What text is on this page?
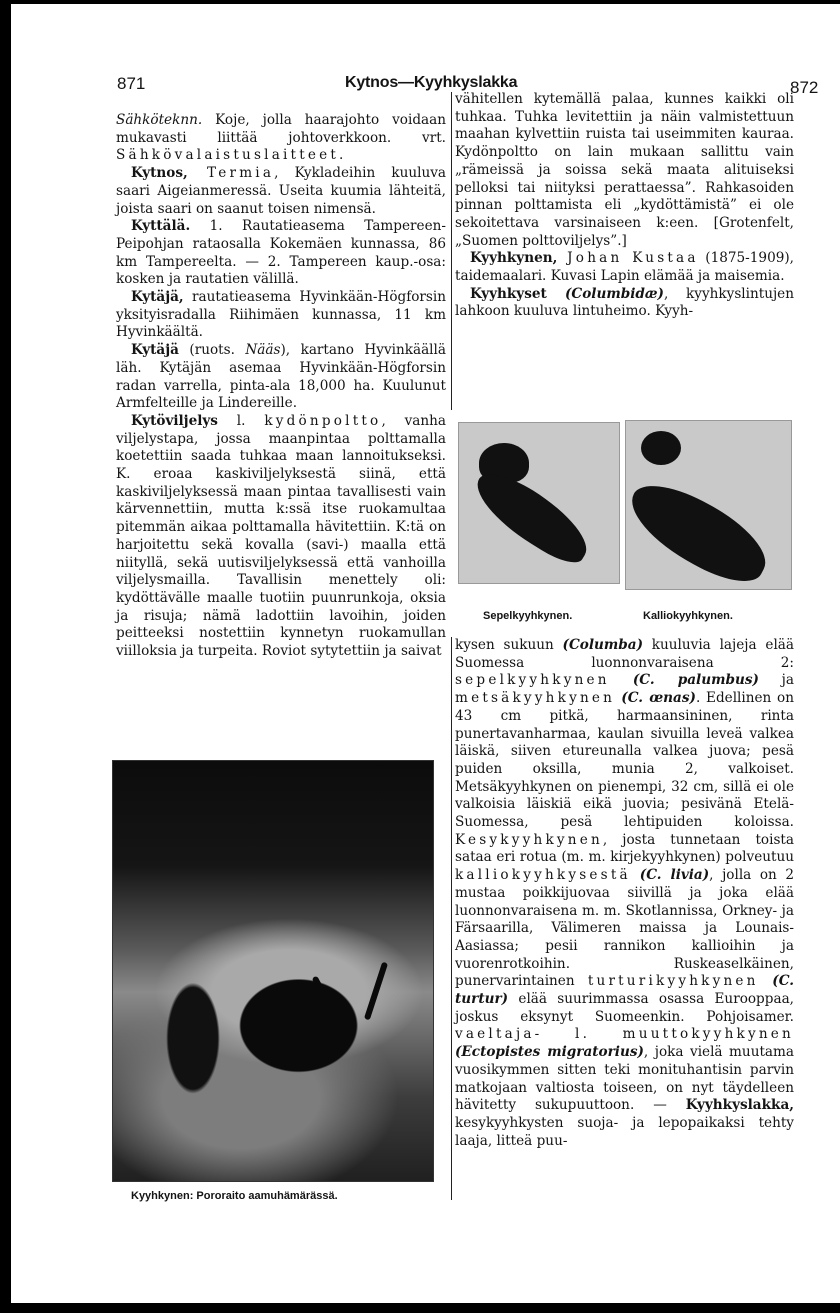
871	Kytnos—Kyyhkyslakka	872

Sähköteknn. Koje, jolla haarajohto voidaan mukavasti liittää johtoverkkoon. vrt. Sähkövalaistuslaitteet.

Kytnos, Termia, Kykladeihin kuuluva saari Aigeianmeressä. Useita kuumia lähteitä, joista saari on saanut toisen nimensä.

Kyttälä. 1. Rautatieasema Tampereen-Peipohjan rataosalla Kokemäen kunnassa, 86 km Tampereelta. — 2. Tampereen kaup.-osa: kosken ja rautatien välillä.

Kytäjä, rautatieasema Hyvinkään-Högforsin yksityisradalla Riihimäen kunnassa, 11 km Hyvinkäältä.

Kytäjä (ruots. Nääs), kartano Hyvinkäällä läh. Kytäjän asemaa Hyvinkään-Högforsin radan varrella, pinta-ala 18,000 ha. Kuulunut Armfelteille ja Lindereille.

Kytöviljelys l. kydönpoltto, vanha viljelystapa, jossa maanpintaa polttamalla koetettiin saada tuhkaa maan lannoitukseksi. K. eroaa kaskiviljelyksestä siinä, että kaskiviljelyksessä maan pintaa tavallisesti vain kärvennettiin, mutta k:ssä itse ruokamultaa pitemmän aikaa polttamalla hävitettiin. K:tä on harjoitettu sekä kovalla (savi-) maalla että niityllä, sekä uutisviljelyksessä että vanhoilla viljelysmailla. Tavallisin menettely oli: kydöttävälle maalle tuotiin puunrunkoja, oksia ja risuja; nämä ladottiin lavoihin, joiden peitteeksi nostettiin kynnetyn ruokamullan viilloksia ja turpeita. Roviot sytytettiin ja saivat

Kyyhkynen: Pororaito aamuhämärässä.

vähitellen kytemällä palaa, kunnes kaikki oli tuhkaa. Tuhka levitettiin ja näin valmistettuun maahan kylvettiin ruista tai useimmiten kauraa. Kydönpoltto on lain mukaan sallittu vain „rämeissä ja soissa sekä maata alituiseksi pelloksi tai niityksi perattaessa”. Rahkasoiden pinnan polttamista eli „kydöttämistä” ei ole sekoitettava varsinaiseen k:een. [Grotenfelt, „Suomen polttoviljelys”.]

Kyyhkynen, Johan Kustaa (1875-1909), taidemaalari. Kuvasi Lapin elämää ja maisemia.

Kyyhkyset (Columbidæ), kyyhkyslintujen lahkoon kuuluva lintuheimo. Kyyh-

Sepelkyyhkynen.	Kalliokyyhkynen.

kysen sukuun (Columba) kuuluvia lajeja elää Suomessa luonnonvaraisena 2: sepelkyyhkynen (C. palumbus) ja metsäkyyhkynen (C. œnas). Edellinen on 43 cm pitkä, harmaansininen, rinta punertavanharmaa, kaulan sivuilla leveä valkea läiskä, siiven etureunalla valkea juova; pesä puiden oksilla, munia 2, valkoiset. Metsäkyyhkynen on pienempi, 32 cm, sillä ei ole valkoisia läiskiä eikä juovia; pesivänä Etelä-Suomessa, pesä lehtipuiden koloissa. Kesykyyhkynen, josta tunnetaan toista sataa eri rotua (m. m. kirjekyyhkynen) polveutuu kalliokyyhkysestä (C. livia), jolla on 2 mustaa poikkijuovaa siivillä ja joka elää luonnonvaraisena m. m. Skotlannissa, Orkney- ja Färsaarilla, Välimeren maissa ja Lounais-Aasiassa; pesii rannikon kallioihin ja vuorenrotkoihin. Ruskeaselkäinen, punervarintainen turturikyyhkynen (C. turtur) elää suurimmassa osassa Eurooppaa, joskus eksynyt Suomeenkin. Pohjoisamer. vaeltaja- l. muuttokyyhkynen (Ectopistes migratorius), joka vielä muutama vuosikymmen sitten teki monituhantisin parvin matkojaan valtiosta toiseen, on nyt täydelleen hävitetty sukupuuttoon. — Kyyhkyslakka, kesykyyhkysten suoja- ja lepopaikaksi tehty laaja, litteä puu-
